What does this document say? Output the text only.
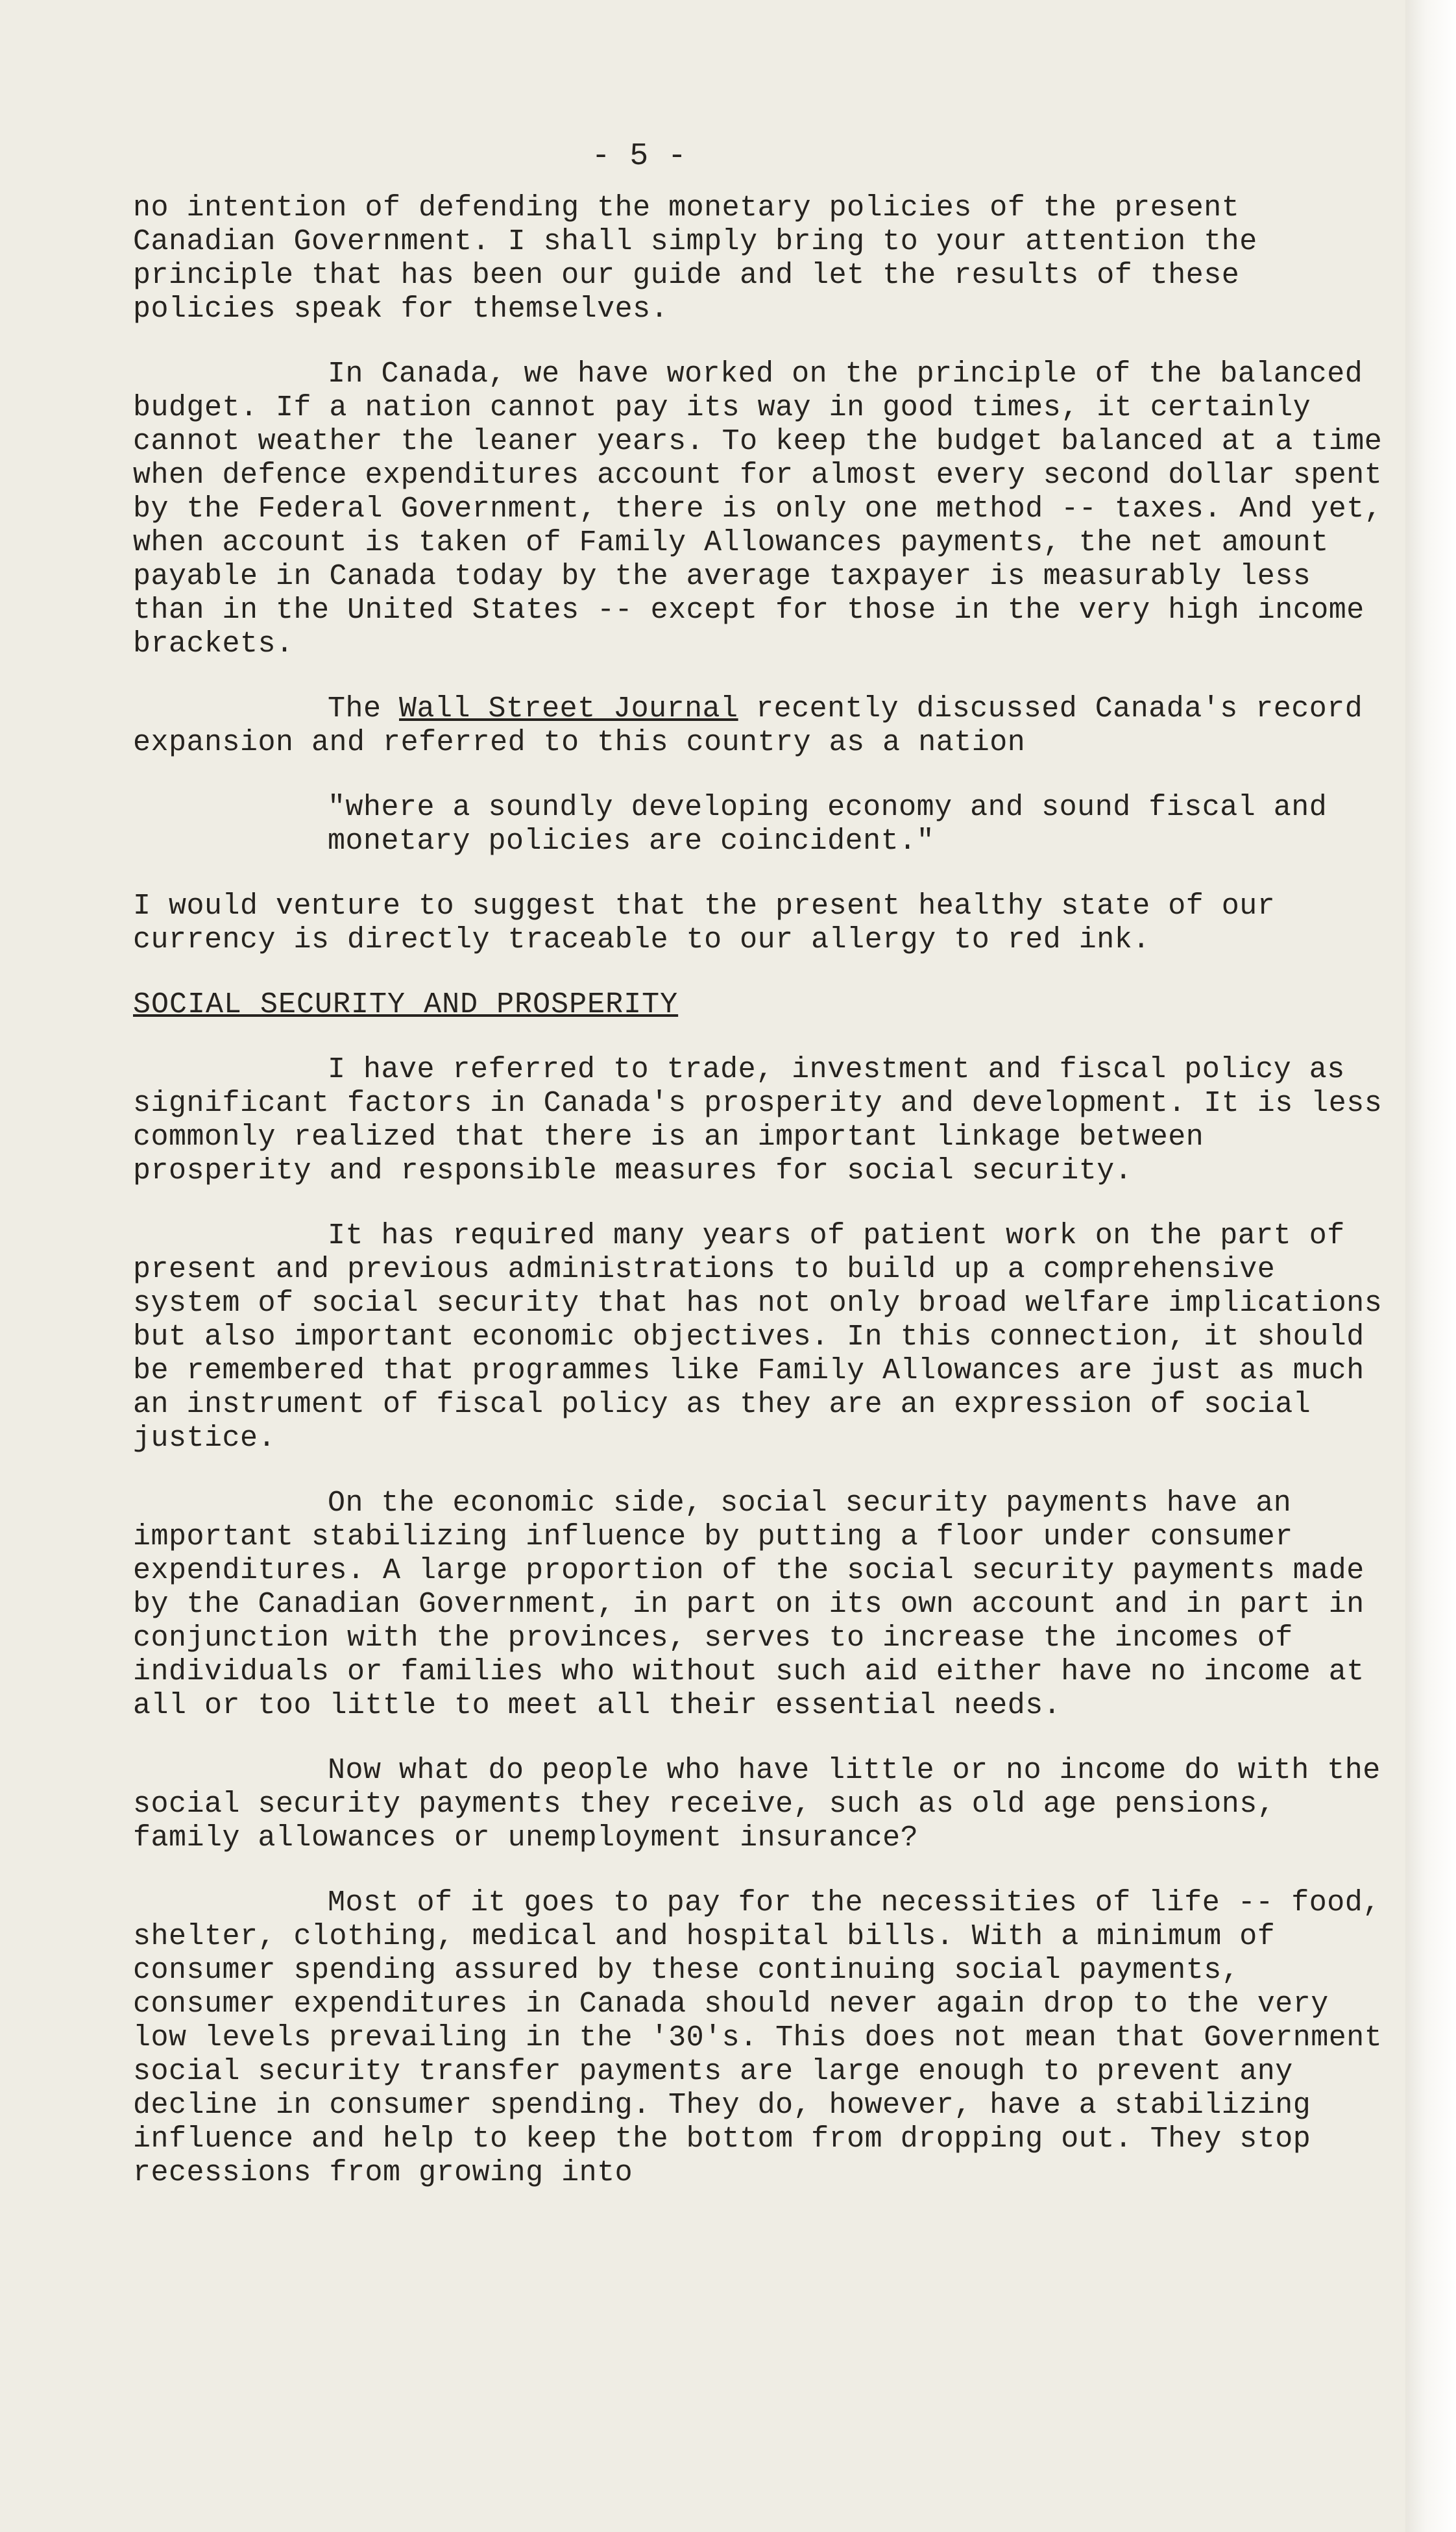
- 5 -

no intention of defending the monetary policies of the present Canadian Government. I shall simply bring to your attention the principle that has been our guide and let the results of these policies speak for themselves.

In Canada, we have worked on the principle of the balanced budget. If a nation cannot pay its way in good times, it certainly cannot weather the leaner years. To keep the budget balanced at a time when defence expenditures account for almost every second dollar spent by the Federal Government, there is only one method -- taxes. And yet, when account is taken of Family Allowances payments, the net amount payable in Canada today by the average taxpayer is measurably less than in the United States -- except for those in the very high income brackets.

The Wall Street Journal recently discussed Canada's record expansion and referred to this country as a nation

"where a soundly developing economy and sound fiscal and monetary policies are coincident."

I would venture to suggest that the present healthy state of our currency is directly traceable to our allergy to red ink.

SOCIAL SECURITY AND PROSPERITY

I have referred to trade, investment and fiscal policy as significant factors in Canada's prosperity and development. It is less commonly realized that there is an important linkage between prosperity and responsible measures for social security.

It has required many years of patient work on the part of present and previous administrations to build up a comprehensive system of social security that has not only broad welfare implications but also important economic objectives. In this connection, it should be remembered that programmes like Family Allowances are just as much an instrument of fiscal policy as they are an expression of social justice.

On the economic side, social security payments have an important stabilizing influence by putting a floor under consumer expenditures. A large proportion of the social security payments made by the Canadian Government, in part on its own account and in part in conjunction with the provinces, serves to increase the incomes of individuals or families who without such aid either have no income at all or too little to meet all their essential needs.

Now what do people who have little or no income do with the social security payments they receive, such as old age pensions, family allowances or unemployment insurance?

Most of it goes to pay for the necessities of life -- food, shelter, clothing, medical and hospital bills. With a minimum of consumer spending assured by these continuing social payments, consumer expenditures in Canada should never again drop to the very low levels prevailing in the '30's. This does not mean that Government social security transfer payments are large enough to prevent any decline in consumer spending. They do, however, have a stabilizing influence and help to keep the bottom from dropping out. They stop recessions from growing into
